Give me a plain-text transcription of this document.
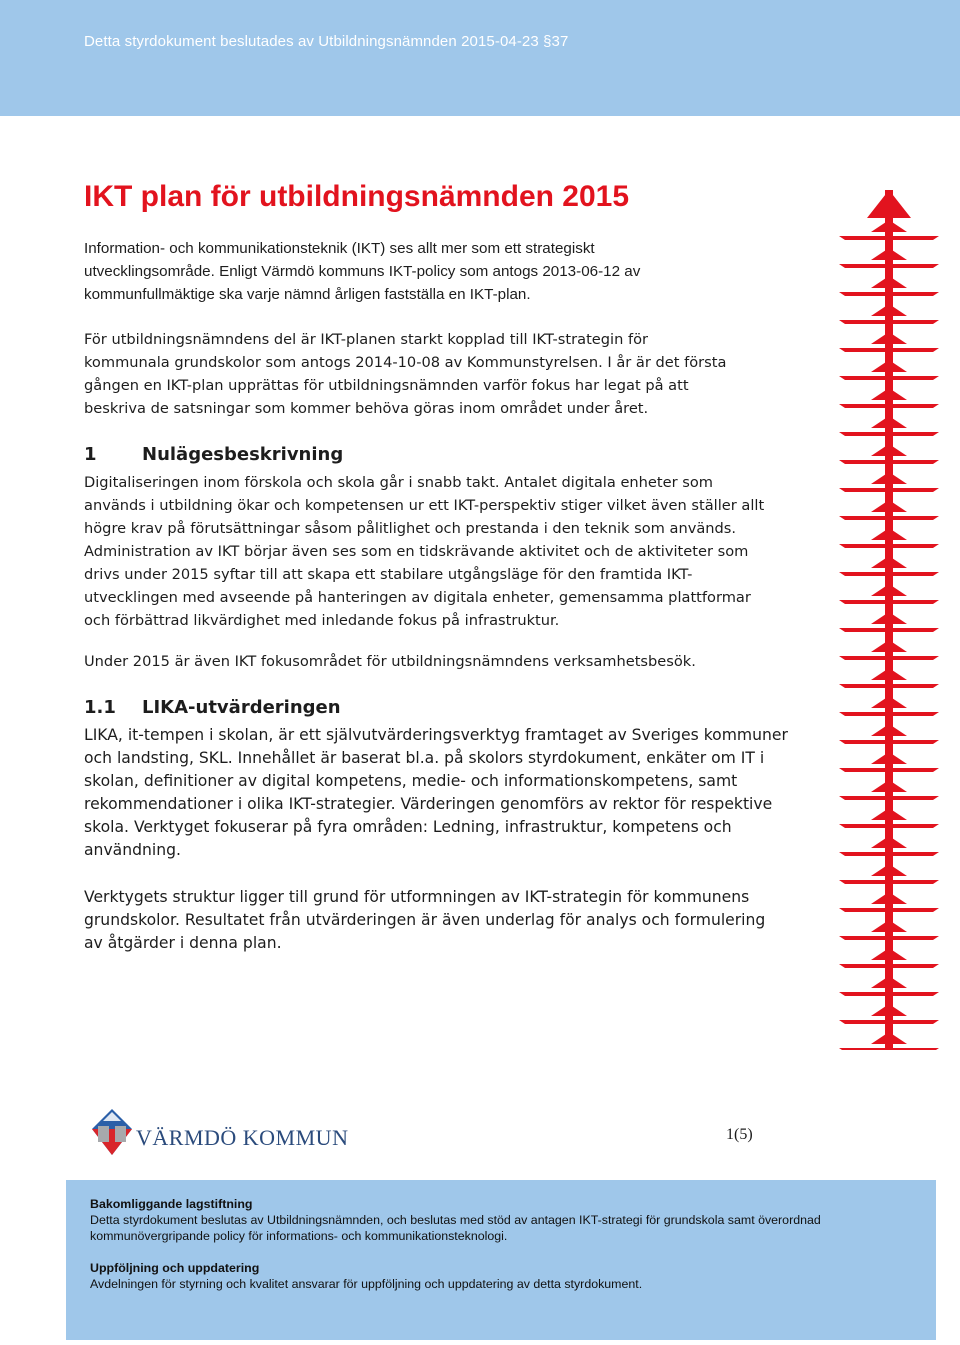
Detta styrdokument beslutades av Utbildningsnämnden 2015-04-23 §37
IKT plan för utbildningsnämnden 2015
Information- och kommunikationsteknik (IKT) ses allt mer som ett strategiskt
utvecklingsområde. Enligt Värmdö kommuns IKT-policy som antogs 2013-06-12 av
kommunfullmäktige ska varje nämnd årligen fastställa en IKT-plan.
För utbildningsnämndens del är IKT-planen starkt kopplad till IKT-strategin för
kommunala grundskolor som antogs 2014-10-08 av Kommunstyrelsen. I år är det första
gången en IKT-plan upprättas för utbildningsnämnden varför fokus har legat på att
beskriva de satsningar som kommer behöva göras inom området under året.
1	Nulägesbeskrivning
Digitaliseringen inom förskola och skola går i snabb takt. Antalet digitala enheter som
används i utbildning ökar och kompetensen ur ett IKT-perspektiv stiger vilket även ställer allt
högre krav på förutsättningar såsom pålitlighet och prestanda i den teknik som används.
Administration av IKT börjar även ses som en tidskrävande aktivitet och de aktiviteter som
drivs under 2015 syftar till att skapa ett stabilare utgångsläge för den framtida IKT-
utvecklingen med avseende på hanteringen av digitala enheter, gemensamma plattformar
och förbättrad likvärdighet med inledande fokus på infrastruktur.
Under 2015 är även IKT fokusområdet för utbildningsnämndens verksamhetsbesök.
1.1 LIKA-utvärderingen
LIKA, it-tempen i skolan, är ett självutvärderingsverktyg framtaget av Sveriges kommuner
och landsting, SKL. Innehållet är baserat bl.a. på skolors styrdokument, enkäter om IT i
skolan, definitioner av digital kompetens, medie- och informationskompetens, samt
rekommendationer i olika IKT-strategier. Värderingen genomförs av rektor för respektive
skola. Verktyget fokuserar på fyra områden: Ledning, infrastruktur, kompetens och
användning.
Verktygets struktur ligger till grund för utformningen av IKT-strategin för kommunens
grundskolor. Resultatet från utvärderingen är även underlag för analys och formulering
av åtgärder i denna plan.
VÄRMDÖ KOMMUN	1(5)
Bakomliggande lagstiftning
Detta styrdokument beslutas av Utbildningsnämnden, och beslutas med stöd av antagen IKT-strategi för grundskola samt överordnad
kommunövergripande policy för informations- och kommunikationsteknologi.
Uppföljning och uppdatering
Avdelningen för styrning och kvalitet ansvarar för uppföljning och uppdatering av detta styrdokument.
